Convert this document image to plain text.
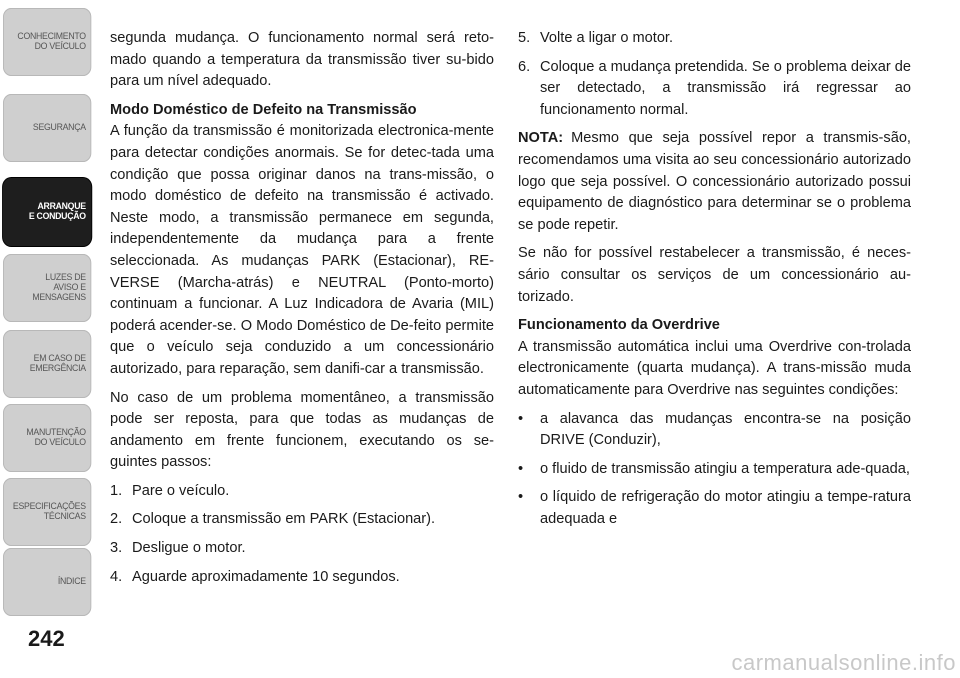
CONHECIMENTO
DO VEÍCULO
SEGURANÇA
ARRANQUE
E CONDUÇÃO
LUZES DE
AVISO E
MENSAGENS
EM CASO DE
EMERGÊNCIA
MANUTENÇÃO
DO VEÍCULO
ESPECIFICAÇÕES
TÉCNICAS
ÍNDICE
242

segunda mudança. O funcionamento normal será reto-mado quando a temperatura da transmissão tiver su-bido para um nível adequado.

Modo Doméstico de Defeito na Transmissão

A função da transmissão é monitorizada electronica-mente para detectar condições anormais. Se for detec-tada uma condição que possa originar danos na trans-missão, o modo doméstico de defeito na transmissão é activado. Neste modo, a transmissão permanece em segunda, independentemente da mudança para a frente seleccionada. As mudanças PARK (Estacionar), RE-VERSE (Marcha-atrás) e NEUTRAL (Ponto-morto) continuam a funcionar. A Luz Indicadora de Avaria (MIL) poderá acender-se. O Modo Doméstico de De-feito permite que o veículo seja conduzido a um concessionário autorizado, para reparação, sem danifi-car a transmissão.

No caso de um problema momentâneo, a transmissão pode ser reposta, para que todas as mudanças de andamento em frente funcionem, executando os se-guintes passos:

1. Pare o veículo.
2. Coloque a transmissão em PARK (Estacionar).
3. Desligue o motor.
4. Aguarde aproximadamente 10 segundos.
5. Volte a ligar o motor.
6. Coloque a mudança pretendida. Se o problema deixar de ser detectado, a transmissão irá regressar ao funcionamento normal.

NOTA: Mesmo que seja possível repor a transmis-são, recomendamos uma visita ao seu concessionário autorizado logo que seja possível. O concessionário autorizado possui equipamento de diagnóstico para determinar se o problema se pode repetir.

Se não for possível restabelecer a transmissão, é neces-sário consultar os serviços de um concessionário au-torizado.

Funcionamento da Overdrive

A transmissão automática inclui uma Overdrive con-trolada electronicamente (quarta mudança). A trans-missão muda automaticamente para Overdrive nas seguintes condições:

•	a alavanca das mudanças encontra-se na posição DRIVE (Conduzir),
•	o fluido de transmissão atingiu a temperatura ade-quada,
•	o líquido de refrigeração do motor atingiu a tempe-ratura adequada e
carmanualsonline.info
